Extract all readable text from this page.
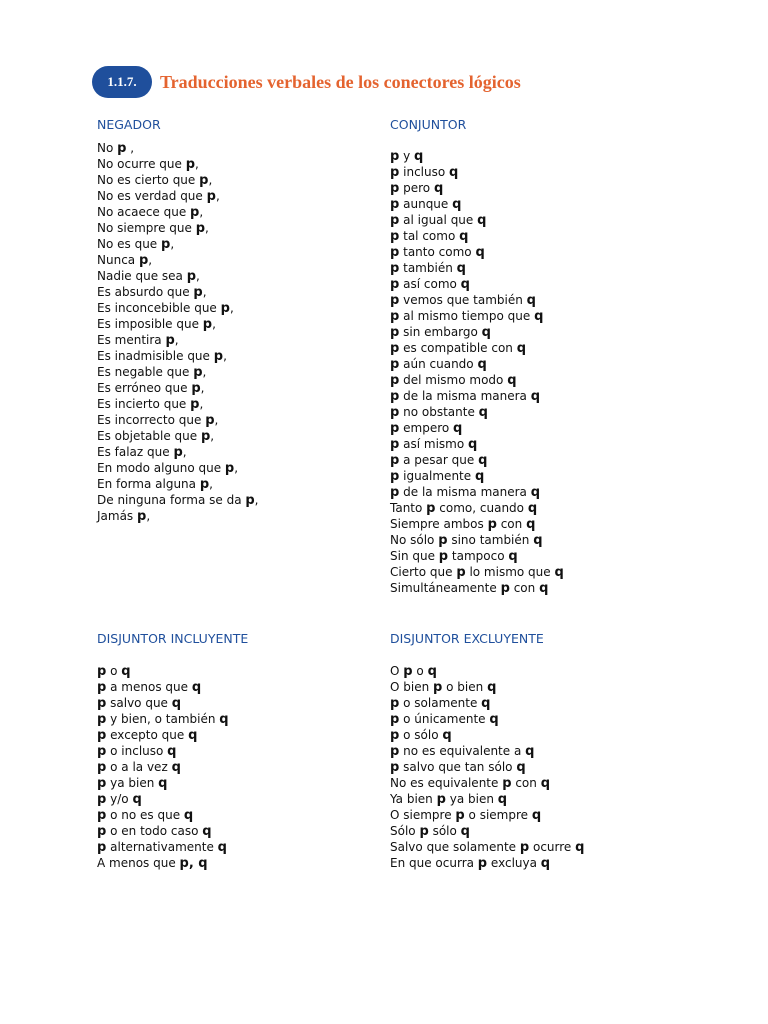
1.1.7.	Traducciones verbales de los conectores lógicos
NEGADOR
No p ,
No ocurre que p,
No es cierto que p,
No es verdad que p,
No acaece que p,
No siempre que p,
No es que p,
Nunca p,
Nadie que sea p,
Es absurdo que p,
Es inconcebible que p,
Es imposible que p,
Es mentira p,
Es inadmisible que p,
Es negable que p,
Es erróneo que p,
Es incierto que p,
Es incorrecto que p,
Es objetable que p,
Es falaz que p,
En modo alguno que p,
En forma alguna p,
De ninguna forma se da p,
Jamás p,
CONJUNTOR
p y q
p incluso q
p pero q
p aunque q
p al igual que q
p tal como q
p tanto como q
p también q
p así como q
p vemos que también q
p al mismo tiempo que q
p sin embargo q
p es compatible con q
p aún cuando q
p del mismo modo q
p de la misma manera q
p no obstante q
p empero q
p así mismo q
p a pesar que q
p igualmente q
p de la misma manera q
Tanto p como, cuando q
Siempre ambos p con q
No sólo p sino también q
Sin que p tampoco q
Cierto que p lo mismo que q
Simultáneamente p con q
DISJUNTOR INCLUYENTE
p o q
p a menos que q
p salvo que q
p y bien, o también q
p excepto que q
p o incluso q
p o a la vez q
p ya bien q
p y/o q
p o no es que q
p o en todo caso q
p alternativamente q
A menos que p, q
DISJUNTOR EXCLUYENTE
O p o q
O bien p o bien q
p o solamente q
p o únicamente q
p o sólo q
p no es equivalente a q
p salvo que tan sólo q
No es equivalente p con q
Ya bien p ya bien q
O siempre p o siempre q
Sólo p sólo q
Salvo que solamente p ocurre q
En que ocurra p excluya q
